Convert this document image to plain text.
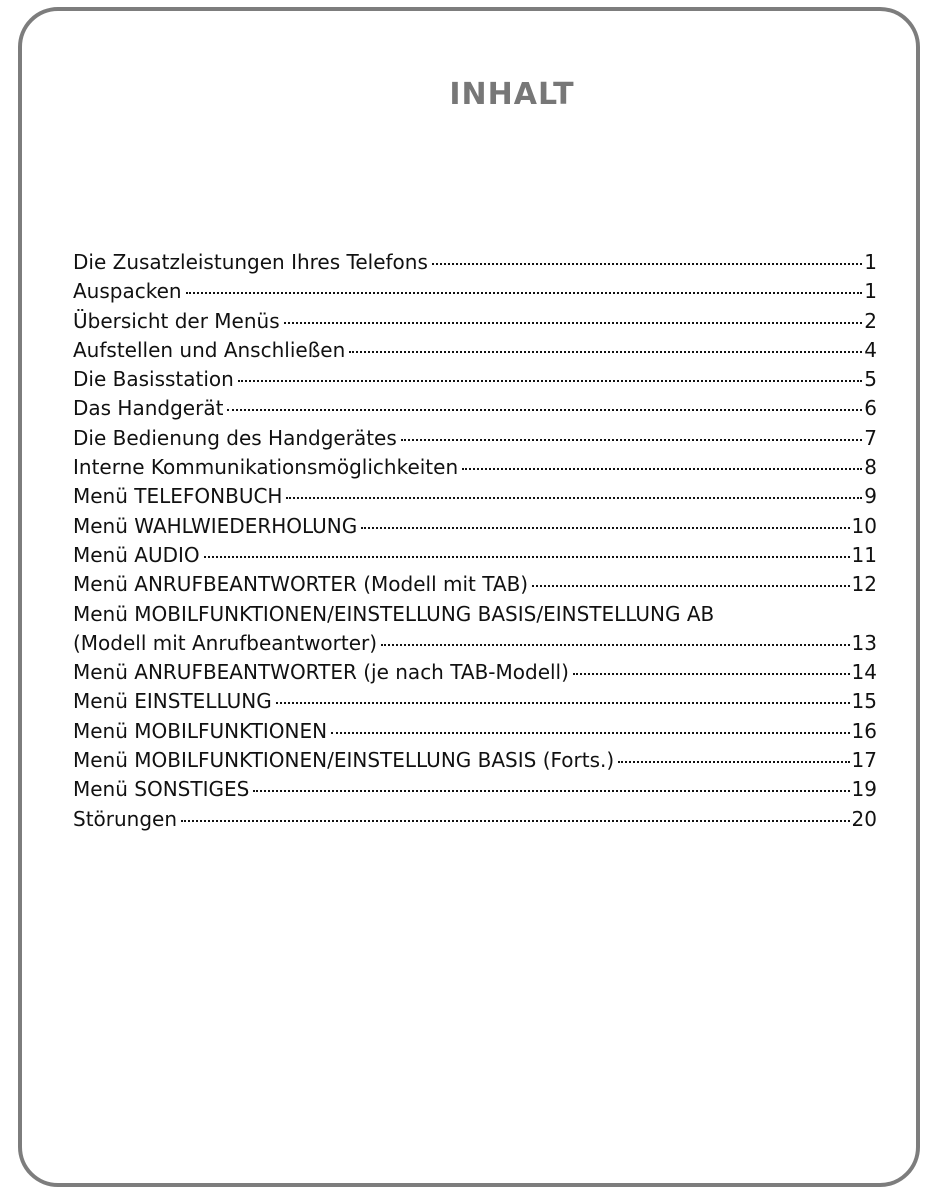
INHALT
Die Zusatzleistungen Ihres Telefons	1
Auspacken	1
Übersicht der Menüs	2
Aufstellen und Anschließen	4
Die Basisstation	5
Das Handgerät	6
Die Bedienung des Handgerätes	7
Interne Kommunikationsmöglichkeiten	8
Menü TELEFONBUCH	9
Menü WAHLWIEDERHOLUNG	10
Menü AUDIO	11
Menü ANRUFBEANTWORTER (Modell mit TAB)	12
Menü MOBILFUNKTIONEN/EINSTELLUNG BASIS/EINSTELLUNG AB
(Modell mit Anrufbeantworter)	13
Menü ANRUFBEANTWORTER (je nach TAB-Modell)	14
Menü EINSTELLUNG	15
Menü MOBILFUNKTIONEN	16
Menü MOBILFUNKTIONEN/EINSTELLUNG BASIS (Forts.)	17
Menü SONSTIGES	19
Störungen	20
